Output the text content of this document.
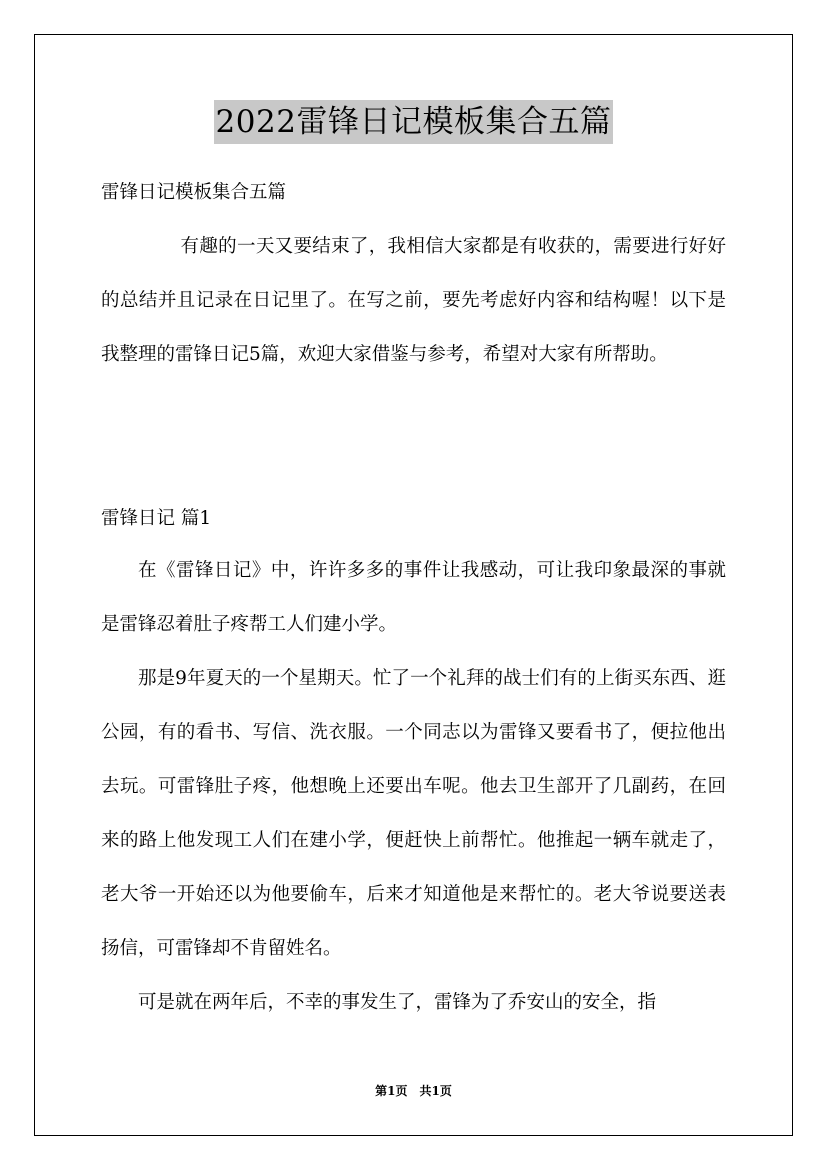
2022雷锋日记模板集合五篇
雷锋日记模板集合五篇

有趣的一天又要结束了，我相信大家都是有收获的，需要进行好好的总结并且记录在日记里了。在写之前，要先考虑好内容和结构喔！以下是我整理的雷锋日记5篇，欢迎大家借鉴与参考，希望对大家有所帮助。

雷锋日记 篇1

在《雷锋日记》中，许许多多的事件让我感动，可让我印象最深的事就是雷锋忍着肚子疼帮工人们建小学。

那是9年夏天的一个星期天。忙了一个礼拜的战士们有的上街买东西、逛公园，有的看书、写信、洗衣服。一个同志以为雷锋又要看书了，便拉他出去玩。可雷锋肚子疼，他想晚上还要出车呢。他去卫生部开了几副药，在回来的路上他发现工人们在建小学，便赶快上前帮忙。他推起一辆车就走了，老大爷一开始还以为他要偷车，后来才知道他是来帮忙的。老大爷说要送表扬信，可雷锋却不肯留姓名。

可是就在两年后，不幸的事发生了，雷锋为了乔安山的安全，指

第1页　共1页
